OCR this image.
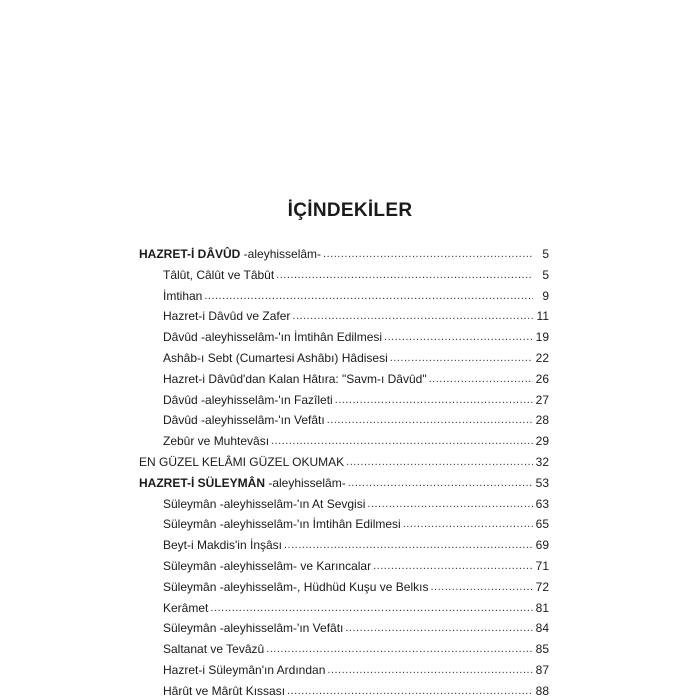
İÇİNDEKİLER
HAZRET-İ DÂVÛD -aleyhisselâm- .....	5
Tâlût, Câlût ve Tâbût .....	5
İmtihan .....	9
Hazret-i Dâvûd ve Zafer .....	11
Dâvûd -aleyhisselâm-'ın İmtihân Edilmesi .....	19
Ashâb-ı Sebt (Cumartesi Ashâbı) Hâdisesi .....	22
Hazret-i Dâvûd'dan Kalan Hâtıra: "Savm-ı Dâvûd" .....	26
Dâvûd -aleyhisselâm-'ın Fazîleti .....	27
Dâvûd -aleyhisselâm-'ın Vefâtı .....	28
Zebûr ve Muhtevâsı .....	29
EN GÜZEL KELÂMI GÜZEL OKUMAK .....	32
HAZRET-İ SÜLEYMÂN -aleyhisselâm- .....	53
Süleymân -aleyhisselâm-'ın At Sevgisi .....	63
Süleymân -aleyhisselâm-'ın İmtihân Edilmesi .....	65
Beyt-i Makdis'in İnşâsı .....	69
Süleymân -aleyhisselâm- ve Karıncalar .....	71
Süleymân -aleyhisselâm-, Hüdhüd Kuşu ve Belkıs .....	72
Kerâmet .....	81
Süleymân -aleyhisselâm-'ın Vefâtı .....	84
Saltanat ve Tevâzû .....	85
Hazret-i Süleymân'ın Ardından .....	87
Hârût ve Mârût Kıssası .....	88
